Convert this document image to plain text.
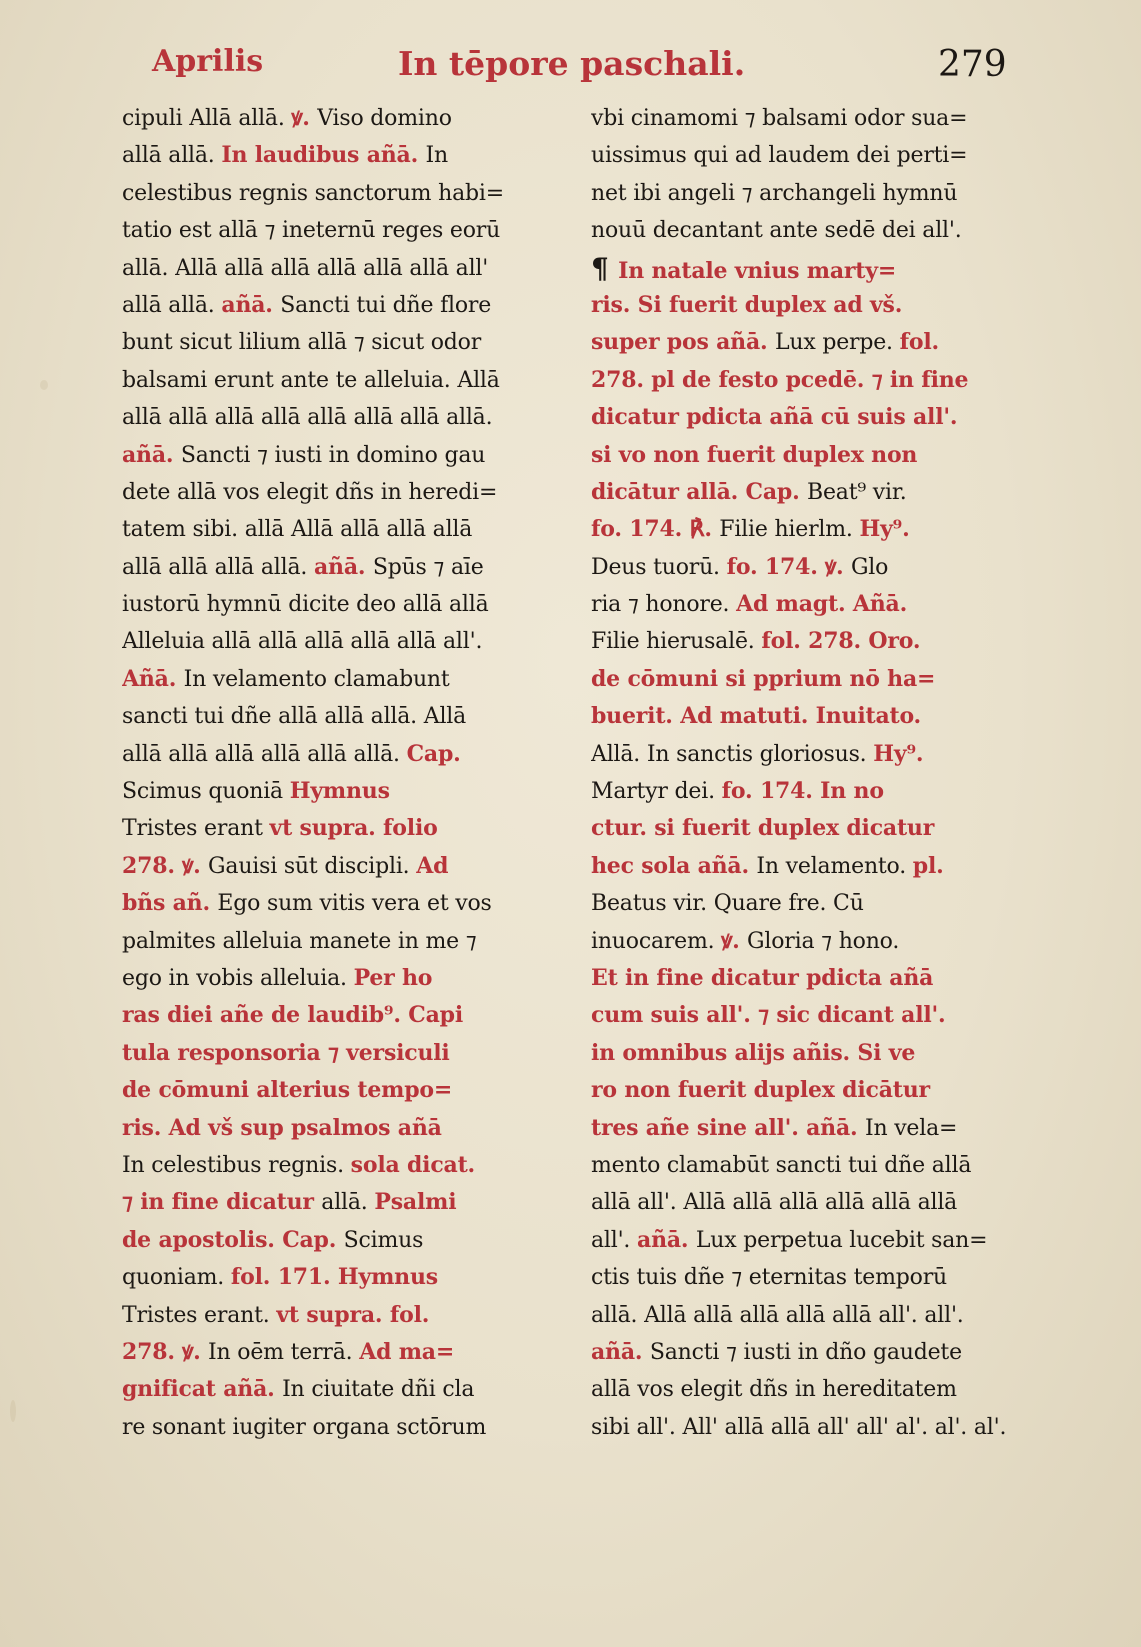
Aprilis	In tēpore paschali.	279

cipuli Allā allā. ꝟ. Viso domino

allā allā. In laudibus añā. In

celestibus regnis sanctorum habi=

tatio est allā ⁊ ineternū reges eorū

allā. Allā allā allā allā allā allā all'

allā allā. añā. Sancti tui dñe flore

bunt sicut lilium allā ⁊ sicut odor

balsami erunt ante te alleluia. Allā

allā allā allā allā allā allā allā allā.

añā. Sancti ⁊ iusti in domino gau

dete allā vos elegit dñs in heredi=

tatem sibi. allā Allā allā allā allā

allā allā allā allā. añā. Spūs ⁊ aīe

iustorū hymnū dicite deo allā allā

Alleluia allā allā allā allā allā all'.

Añā. In velamento clamabunt

sancti tui dñe allā allā allā. Allā

allā allā allā allā allā allā. Cap.

Scimus quoniā Hymnus

Tristes erant vt supra. folio

278. ꝟ. Gauisi sūt discipli. Ad

bñs añ. Ego sum vitis vera et vos

palmites alleluia manete in me ⁊

ego in vobis alleluia. Per ho

ras diei añe de laudib⁹. Capi

tula responsoria ⁊ versiculi

de cōmuni alterius tempo=

ris. Ad vš sup psalmos añā

In celestibus regnis. sola dicat.

⁊ in fine dicatur allā. Psalmi

de apostolis. Cap. Scimus

quoniam. fol. 171. Hymnus

Tristes erant. vt supra. fol.

278. ꝟ. In oēm terrā. Ad ma=

gnificat añā. In ciuitate dñi cla

re sonant iugiter organa sctōrum

vbi cinamomi ⁊ balsami odor sua=

uissimus qui ad laudem dei perti=

net ibi angeli ⁊ archangeli hymnū

nouū decantant ante sedē dei all'.

¶ In natale vnius marty=

ris. Si fuerit duplex ad vš.

super pos añā. Lux perpe. fol.

278. pl de festo pcedē. ⁊ in fine

dicatur pdicta añā cū suis all'.

si vo non fuerit duplex non

dicātur allā. Cap. Beat⁹ vir.

fo. 174. ℟. Filie hierlm. Hy⁹.

Deus tuorū. fo. 174. ꝟ. Glo

ria ⁊ honore. Ad magt. Añā.

Filie hierusalē. fol. 278. Oro.

de cōmuni si pprium nō ha=

buerit. Ad matuti. Inuitato.

Allā. In sanctis gloriosus. Hy⁹.

Martyr dei. fo. 174. In no

ctur. si fuerit duplex dicatur

hec sola añā. In velamento. pl.

Beatus vir. Quare fre. Cū

inuocarem. ꝟ. Gloria ⁊ hono.

Et in fine dicatur pdicta añā

cum suis all'. ⁊ sic dicant all'.

in omnibus alijs añis. Si ve

ro non fuerit duplex dicātur

tres añe sine all'. añā. In vela=

mento clamabūt sancti tui dñe allā

allā all'. Allā allā allā allā allā allā

all'. añā. Lux perpetua lucebit san=

ctis tuis dñe ⁊ eternitas temporū

allā. Allā allā allā allā allā all'. all'.

añā. Sancti ⁊ iusti in dño gaudete

allā vos elegit dñs in hereditatem

sibi all'. All' allā allā all' all' al'. al'. al'.
